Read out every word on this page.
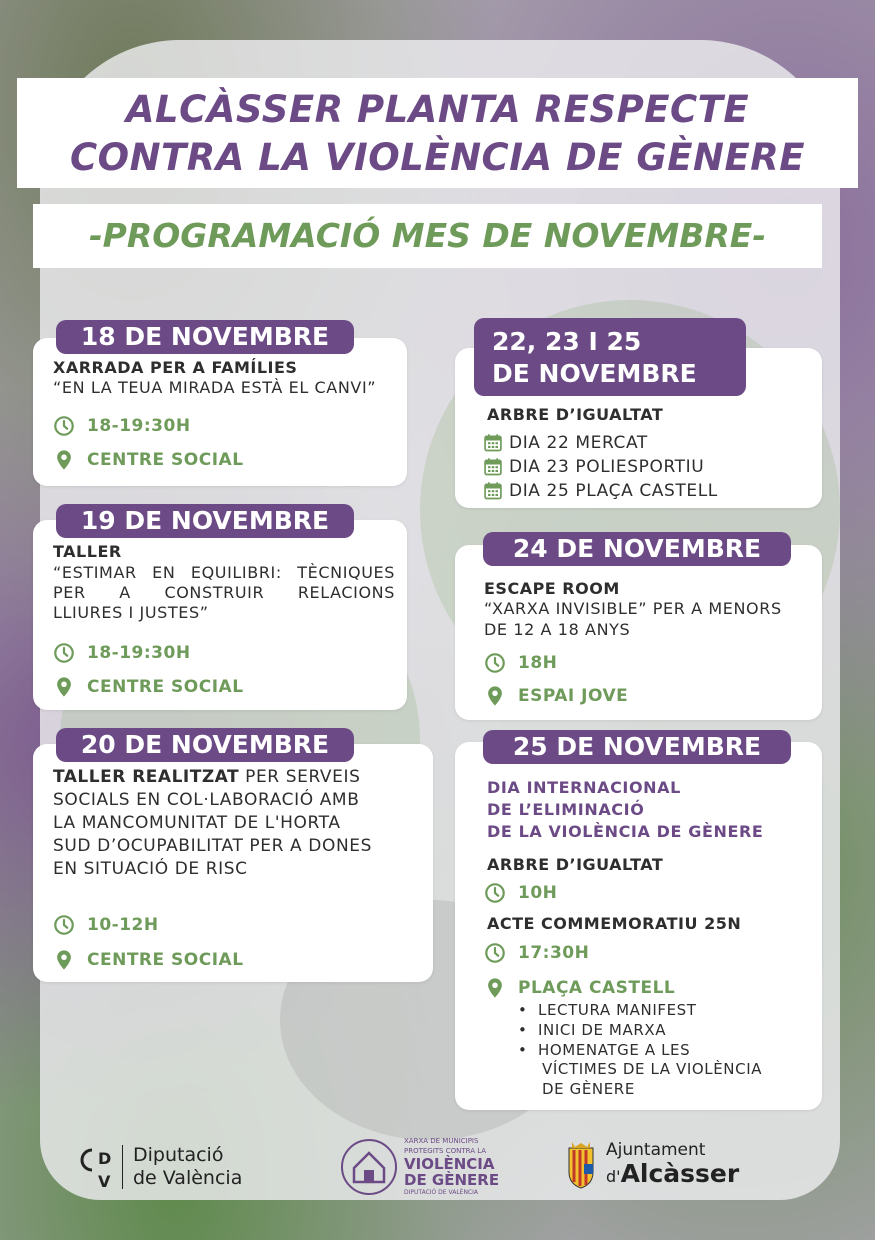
ALCÀSSER PLANTA RESPECTE
CONTRA LA VIOLÈNCIA DE GÈNERE
-PROGRAMACIÓ MES DE NOVEMBRE-
18 DE NOVEMBRE
XARRADA PER A FAMÍLIES
“EN LA TEUA MIRADA ESTÀ EL CANVI”
18-19:30H
CENTRE SOCIAL
19 DE NOVEMBRE
TALLER
“ESTIMAR EN EQUILIBRI: TÈCNIQUES
PER A CONSTRUIR RELACIONS
LLIURES I JUSTES”
18-19:30H
CENTRE SOCIAL
20 DE NOVEMBRE
TALLER REALITZAT PER SERVEIS
SOCIALS EN COL·LABORACIÓ AMB
LA MANCOMUNITAT DE L'HORTA
SUD D’OCUPABILITAT PER A DONES
EN SITUACIÓ DE RISC
10-12H
CENTRE SOCIAL
22, 23 I 25
DE NOVEMBRE
ARBRE D’IGUALTAT
DIA 22 MERCAT
DIA 23 POLIESPORTIU
DIA 25 PLAÇA CASTELL
24 DE NOVEMBRE
ESCAPE ROOM
“XARXA INVISIBLE” PER A MENORS
DE 12 A 18 ANYS
18H
ESPAI JOVE
25 DE NOVEMBRE
DIA INTERNACIONAL
DE L’ELIMINACIÓ
DE LA VIOLÈNCIA DE GÈNERE
ARBRE D’IGUALTAT
10H
ACTE COMMEMORATIU 25N
17:30H
PLAÇA CASTELL
• LECTURA MANIFEST
• INICI DE MARXA
• HOMENATGE A LES
VÍCTIMES DE LA VIOLÈNCIA
DE GÈNERE
D
V
Diputació
de València
XARXA DE MUNICIPIS
PROTEGITS CONTRA LA
VIOLÈNCIA
DE GÈNERE
DIPUTACIÓ DE VALÈNCIA
Ajuntament
d'Alcàsser
